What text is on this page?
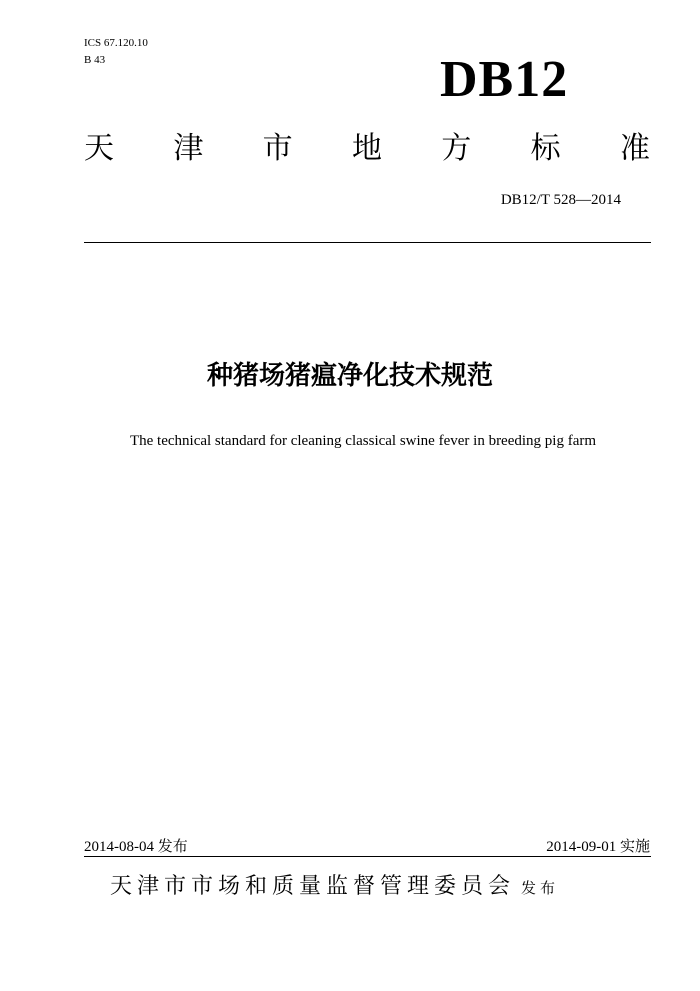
ICS 67.120.10
B 43	DB12
天 津 市 地 方 标 准
DB12/T 528—2014
种猪场猪瘟净化技术规范
The technical standard for cleaning classical swine fever in breeding pig farm
2014-08-04 发布	2014-09-01 实施
天津市市场和质量监督管理委员会 发布
